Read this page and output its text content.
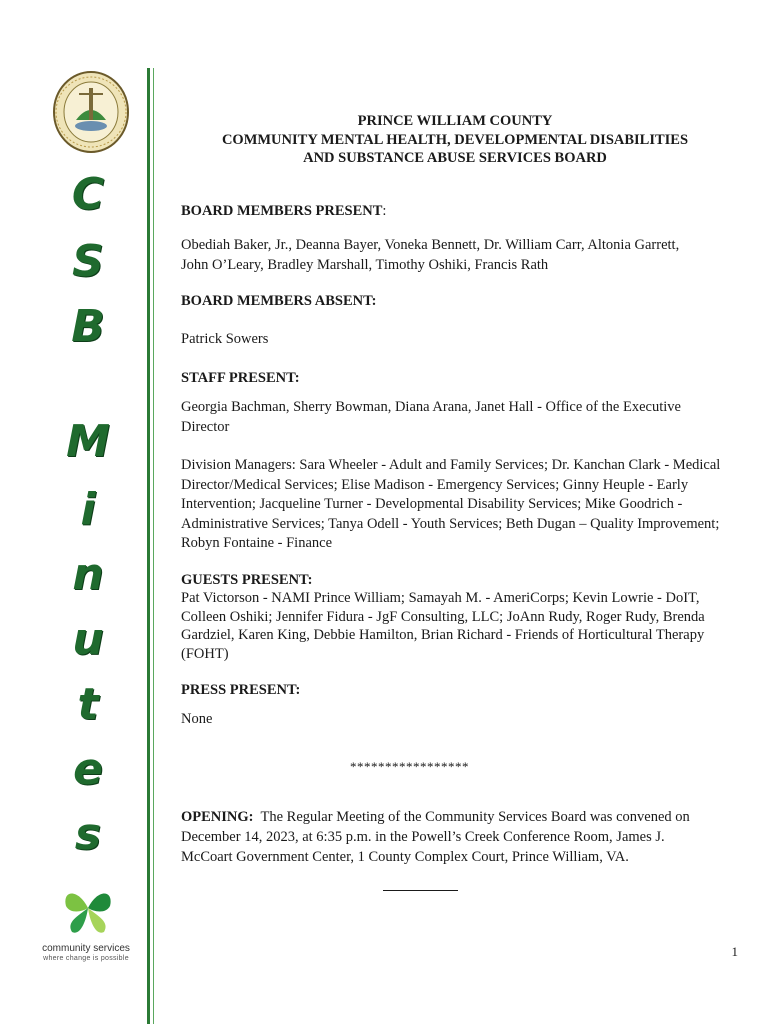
C
S
B
M
i
n
u
t
e
s
community services
where change is possible
PRINCE WILLIAM COUNTY
COMMUNITY MENTAL HEALTH, DEVELOPMENTAL DISABILITIES
AND SUBSTANCE ABUSE SERVICES BOARD
BOARD MEMBERS PRESENT:
Obediah Baker, Jr., Deanna Bayer, Voneka Bennett, Dr. William Carr, Altonia Garrett,
John O’Leary, Bradley Marshall, Timothy Oshiki, Francis Rath
BOARD MEMBERS ABSENT:
Patrick Sowers
STAFF PRESENT:
Georgia Bachman, Sherry Bowman, Diana Arana, Janet Hall - Office of the Executive
Director
Division Managers: Sara Wheeler - Adult and Family Services; Dr. Kanchan Clark - Medical
Director/Medical Services; Elise Madison - Emergency Services; Ginny Heuple - Early
Intervention; Jacqueline Turner - Developmental Disability Services; Mike Goodrich -
Administrative Services; Tanya Odell - Youth Services; Beth Dugan – Quality Improvement;
Robyn Fontaine - Finance
GUESTS PRESENT:
Pat Victorson - NAMI Prince William; Samayah M. - AmeriCorps; Kevin Lowrie - DoIT,
Colleen Oshiki; Jennifer Fidura - JgF Consulting, LLC; JoAnn Rudy, Roger Rudy, Brenda
Gardziel, Karen King, Debbie Hamilton, Brian Richard - Friends of Horticultural Therapy
(FOHT)
PRESS PRESENT:
None
*****************
OPENING: The Regular Meeting of the Community Services Board was convened on
December 14, 2023, at 6:35 p.m. in the Powell’s Creek Conference Room, James J.
McCoart Government Center, 1 County Complex Court, Prince William, VA.
1
